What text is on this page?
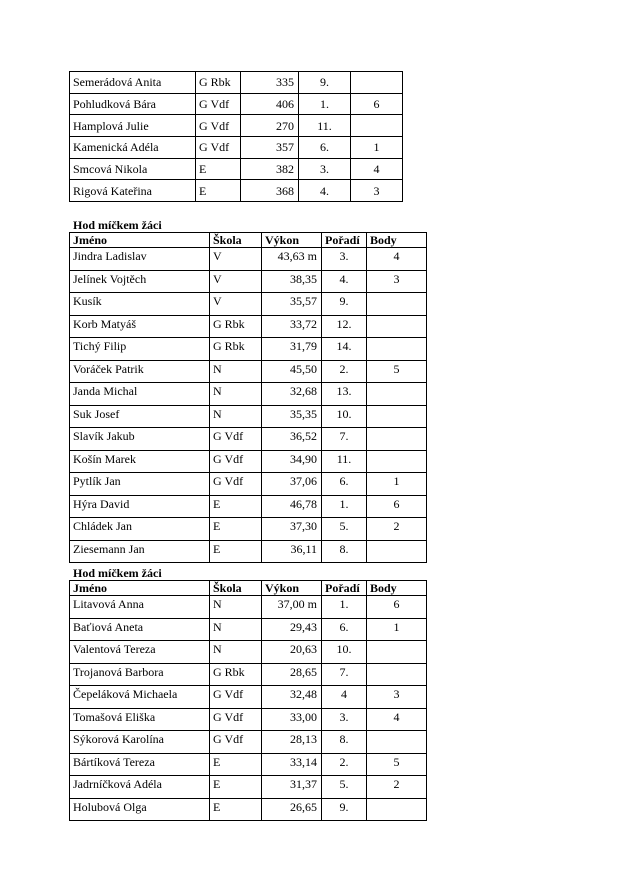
Semerádová Anita	G Rbk	335	9.	
Pohludková Bára	G Vdf	406	1.	6
Hamplová Julie	G Vdf	270	11.	
Kamenická Adéla	G Vdf	357	6.	1
Smcová Nikola	E	382	3.	4
Rigová Kateřina	E	368	4.	3
Hod míčkem žáci
Jméno	Škola	Výkon	Pořadí	Body
Jindra Ladislav	V	43,63 m	3.	4
Jelínek Vojtěch	V	38,35	4.	3
Kusík	V	35,57	9.	
Korb Matyáš	G Rbk	33,72	12.	
Tichý Filip	G Rbk	31,79	14.	
Voráček Patrik	N	45,50	2.	5
Janda Michal	N	32,68	13.	
Suk Josef	N	35,35	10.	
Slavík Jakub	G Vdf	36,52	7.	
Košín Marek	G Vdf	34,90	11.	
Pytlík Jan	G Vdf	37,06	6.	1
Hýra David	E	46,78	1.	6
Chládek Jan	E	37,30	5.	2
Ziesemann Jan	E	36,11	8.	
Hod míčkem žáci
Jméno	Škola	Výkon	Pořadí	Body
Litavová Anna	N	37,00 m	1.	6
Baťiová Aneta	N	29,43	6.	1
Valentová Tereza	N	20,63	10.	
Trojanová Barbora	G Rbk	28,65	7.	
Čepeláková Michaela	G Vdf	32,48	4	3
Tomašová Eliška	G Vdf	33,00	3.	4
Sýkorová Karolína	G Vdf	28,13	8.	
Bártíková Tereza	E	33,14	2.	5
Jadrníčková Adéla	E	31,37	5.	2
Holubová Olga	E	26,65	9.	
